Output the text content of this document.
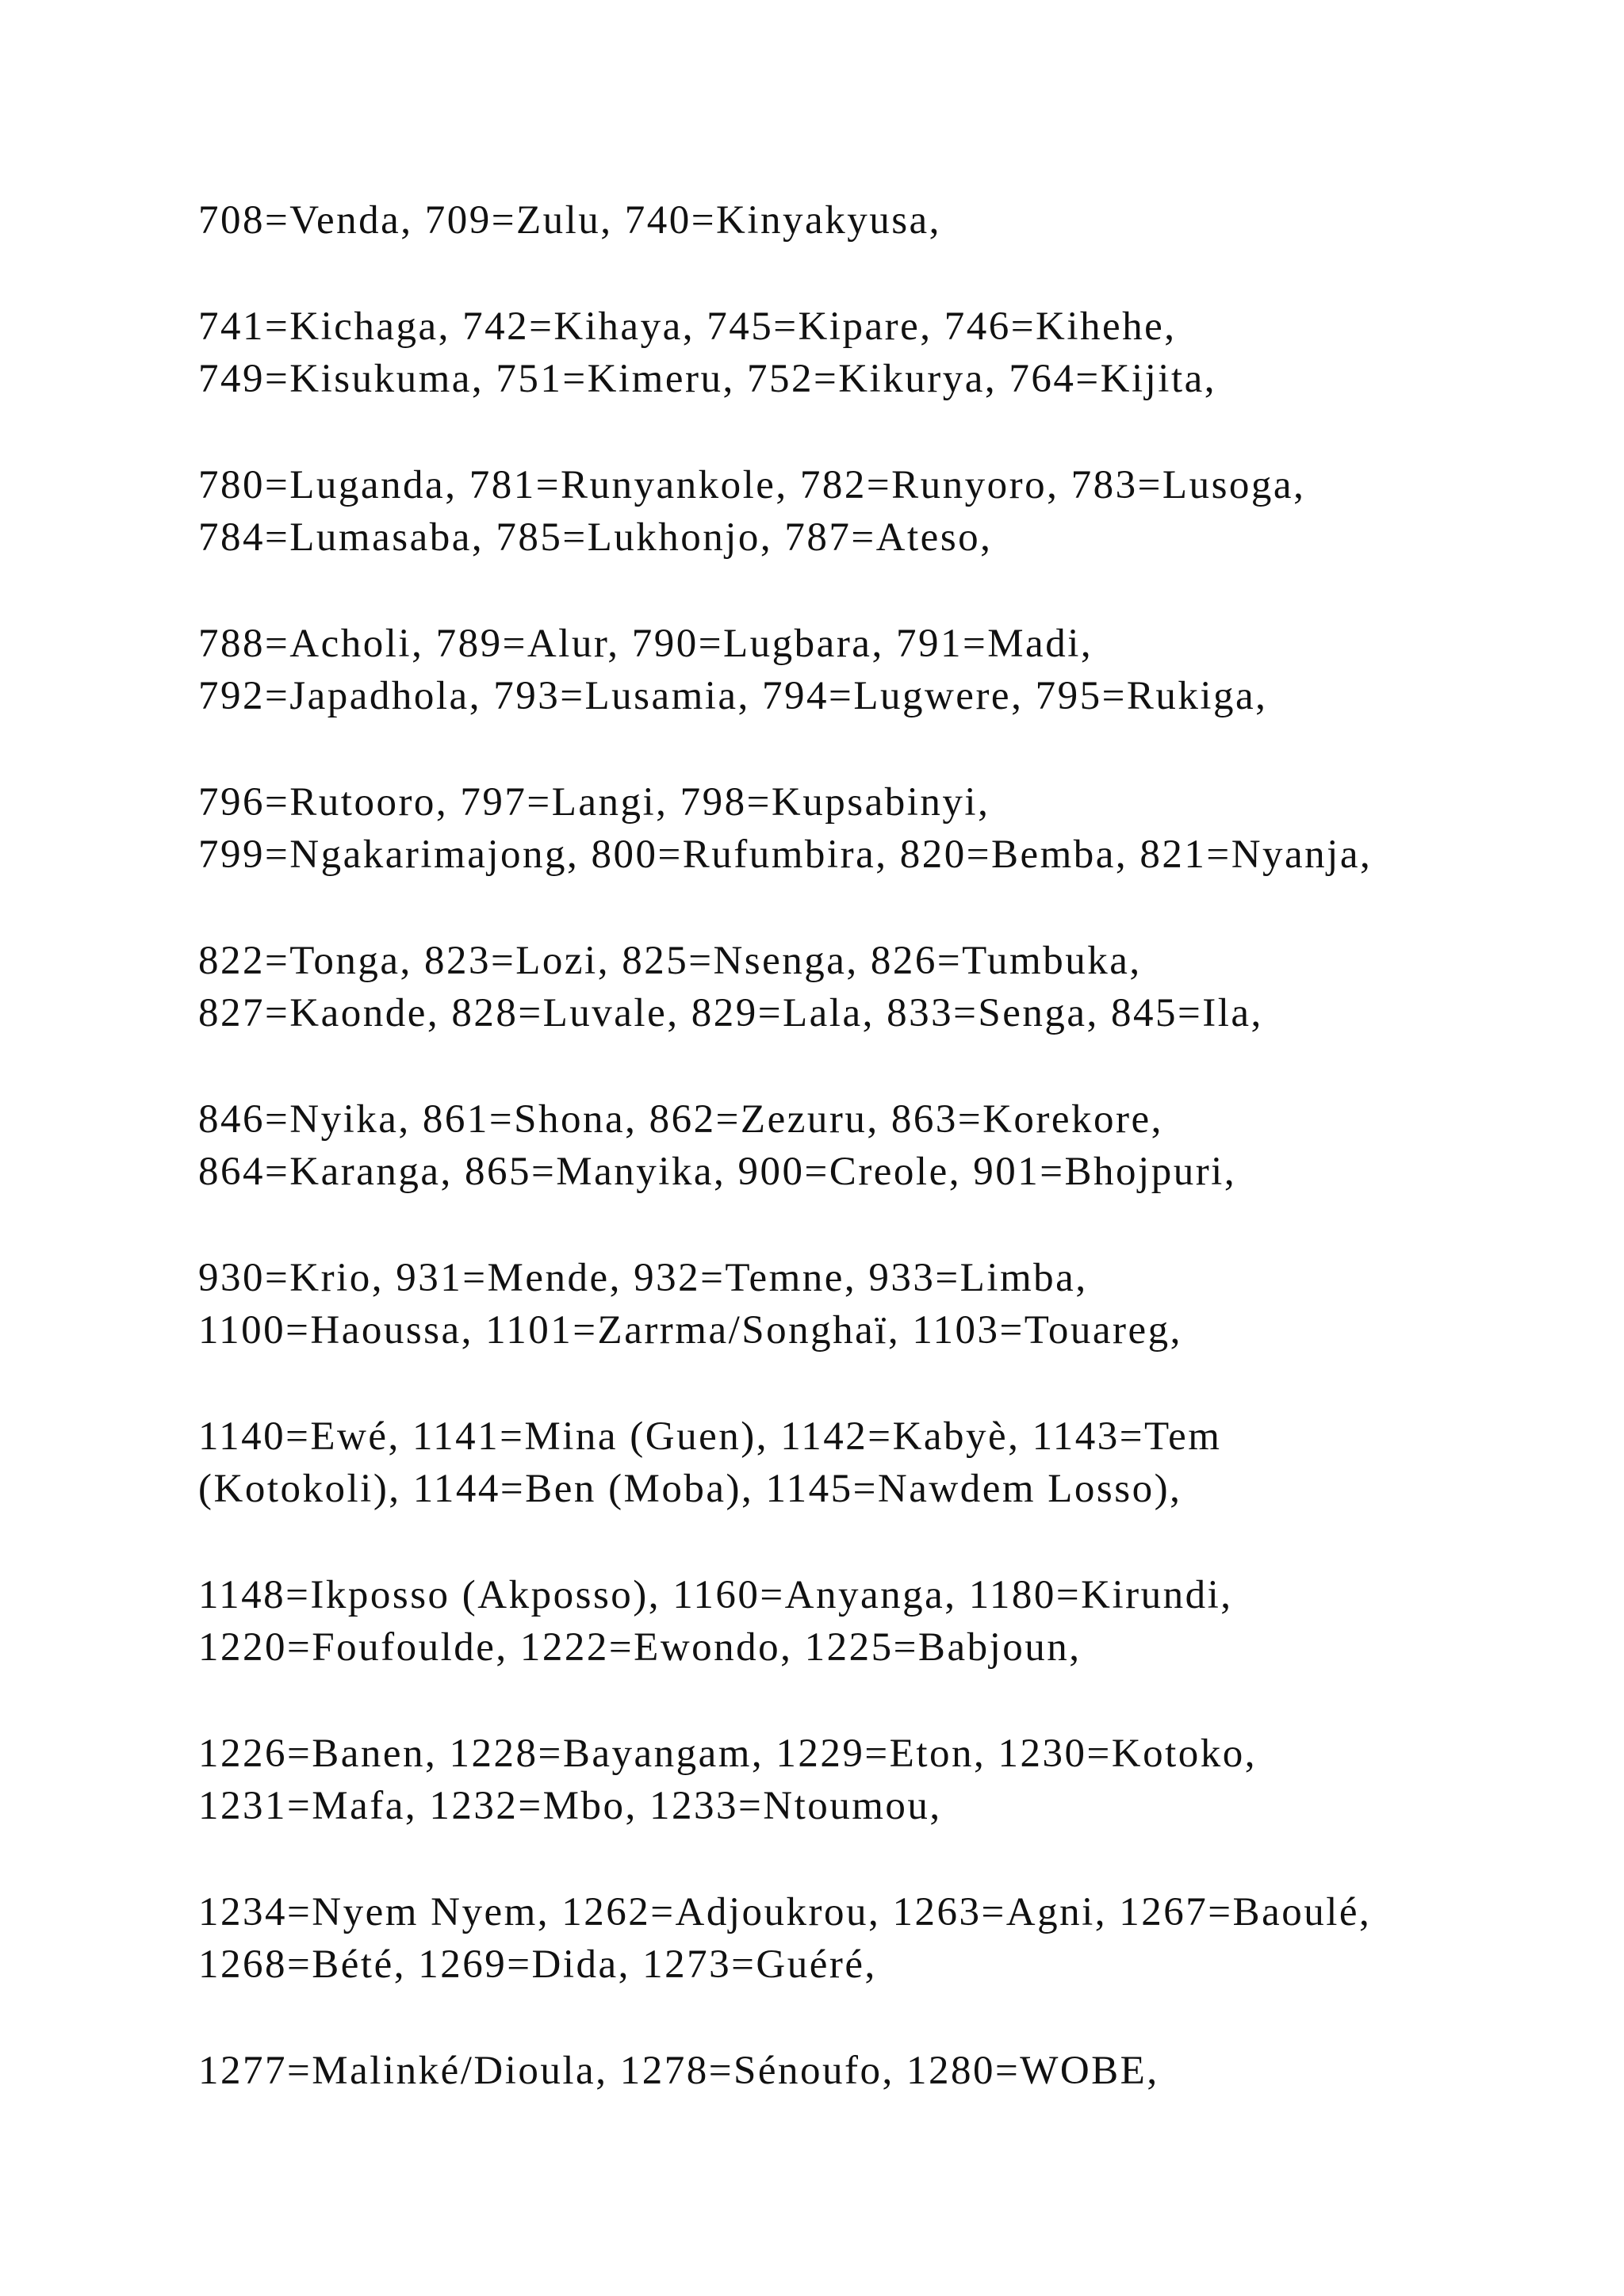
708=Venda, 709=Zulu, 740=Kinyakyusa,

741=Kichaga, 742=Kihaya, 745=Kipare, 746=Kihehe,
749=Kisukuma, 751=Kimeru, 752=Kikurya, 764=Kijita,

780=Luganda, 781=Runyankole, 782=Runyoro, 783=Lusoga,
784=Lumasaba, 785=Lukhonjo, 787=Ateso,

788=Acholi, 789=Alur, 790=Lugbara, 791=Madi,
792=Japadhola, 793=Lusamia, 794=Lugwere, 795=Rukiga,

796=Rutooro, 797=Langi, 798=Kupsabinyi,
799=Ngakarimajong, 800=Rufumbira, 820=Bemba, 821=Nyanja,

822=Tonga, 823=Lozi, 825=Nsenga, 826=Tumbuka,
827=Kaonde, 828=Luvale, 829=Lala, 833=Senga, 845=Ila,

846=Nyika, 861=Shona, 862=Zezuru, 863=Korekore,
864=Karanga, 865=Manyika, 900=Creole, 901=Bhojpuri,

930=Krio, 931=Mende, 932=Temne, 933=Limba,
1100=Haoussa, 1101=Zarrma/Songhaï, 1103=Touareg,

1140=Ewé, 1141=Mina (Guen), 1142=Kabyè, 1143=Tem
(Kotokoli), 1144=Ben (Moba), 1145=Nawdem Losso),

1148=Ikposso (Akposso), 1160=Anyanga, 1180=Kirundi,
1220=Foufoulde, 1222=Ewondo, 1225=Babjoun,

1226=Banen, 1228=Bayangam, 1229=Eton, 1230=Kotoko,
1231=Mafa, 1232=Mbo, 1233=Ntoumou,

1234=Nyem Nyem, 1262=Adjoukrou, 1263=Agni, 1267=Baoulé,
1268=Bété, 1269=Dida, 1273=Guéré,

1277=Malinké/Dioula, 1278=Sénoufo, 1280=WOBE,
